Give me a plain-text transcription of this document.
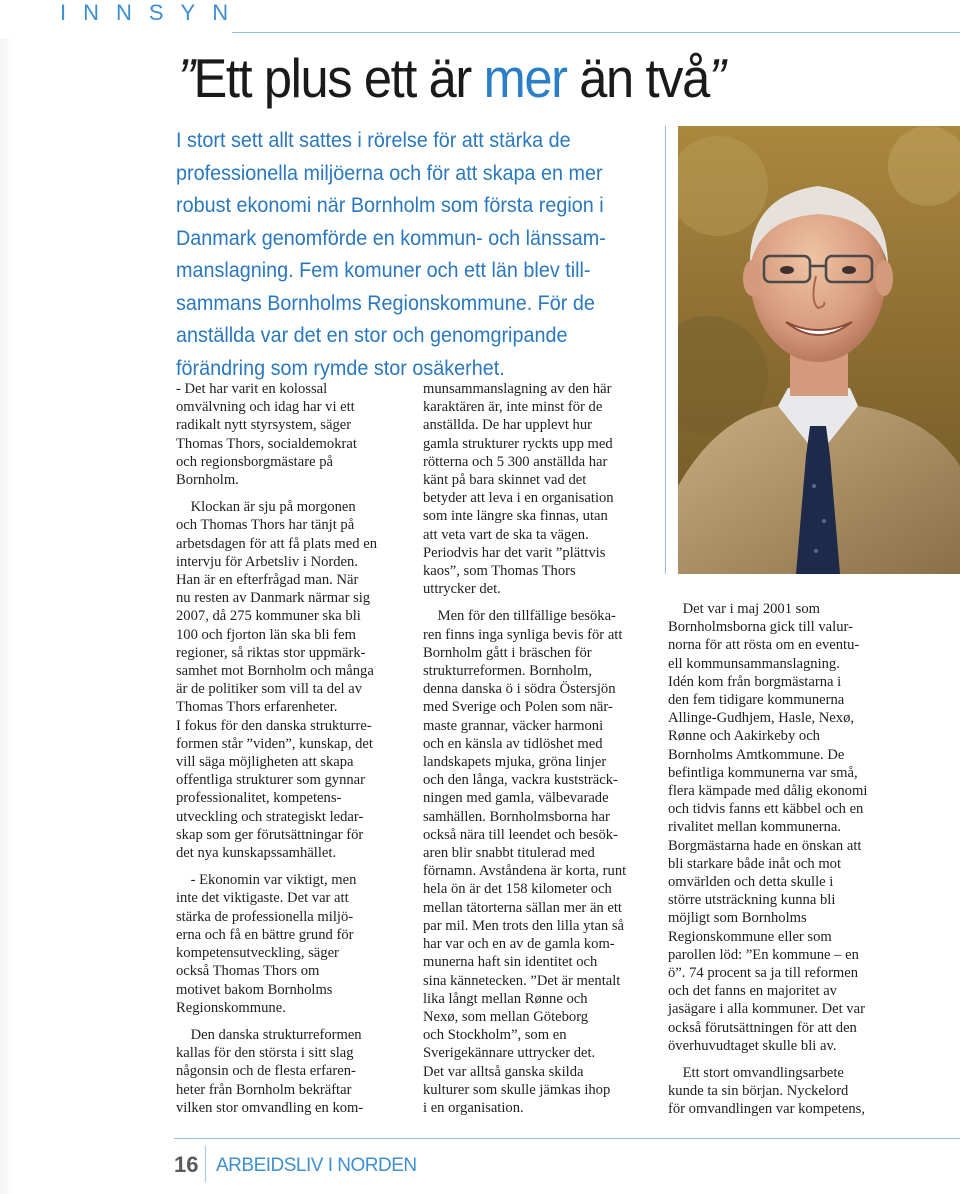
INNSYN
”Ett plus ett är mer än två”
I stort sett allt sattes i rörelse för att stärka de
professionella miljöerna och för att skapa en mer
robust ekonomi när Bornholm som första region i
Danmark genomförde en kommun- och länssam-
manslagning. Fem komuner och ett län blev till-
sammans Bornholms Regionskommune. För de
anställda var det en stor och genomgripande
förändring som rymde stor osäkerhet.
- Det har varit en kolossal
omvälvning och idag har vi ett
radikalt nytt styrsystem, säger
Thomas Thors, socialdemokrat
och regionsborgmästare på
Bornholm.
 Klockan är sju på morgonen
och Thomas Thors har tänjt på
arbetsdagen för att få plats med en
intervju för Arbetsliv i Norden.
Han är en efterfrågad man. När
nu resten av Danmark närmar sig
2007, då 275 kommuner ska bli
100 och fjorton län ska bli fem
regioner, så riktas stor uppmärk-
samhet mot Bornholm och många
är de politiker som vill ta del av
Thomas Thors erfarenheter.
I fokus för den danska strukturre-
formen står ”viden”, kunskap, det
vill säga möjligheten att skapa
offentliga strukturer som gynnar
professionalitet, kompetens-
utveckling och strategiskt ledar-
skap som ger förutsättningar för
det nya kunskapssamhället.
 - Ekonomin var viktigt, men
inte det viktigaste. Det var att
stärka de professionella miljö-
erna och få en bättre grund för
kompetensutveckling, säger
också Thomas Thors om
motivet bakom Bornholms
Regionskommune.
 Den danska strukturreformen
kallas för den största i sitt slag
någonsin och de flesta erfaren-
heter från Bornholm bekräftar
vilken stor omvandling en kom-
munsammanslagning av den här
karaktären är, inte minst för de
anställda. De har upplevt hur
gamla strukturer ryckts upp med
rötterna och 5 300 anställda har
känt på bara skinnet vad det
betyder att leva i en organisation
som inte längre ska finnas, utan
att veta vart de ska ta vägen.
Periodvis har det varit ”plättvis
kaos”, som Thomas Thors
uttrycker det.
 Men för den tillfällige besöka-
ren finns inga synliga bevis för att
Bornholm gått i bräschen för
strukturreformen. Bornholm,
denna danska ö i södra Östersjön
med Sverige och Polen som när-
maste grannar, väcker harmoni
och en känsla av tidlöshet med
landskapets mjuka, gröna linjer
och den långa, vackra kuststräck-
ningen med gamla, välbevarade
samhällen. Bornholmsborna har
också nära till leendet och besök-
aren blir snabbt titulerad med
förnamn. Avståndena är korta, runt
hela ön är det 158 kilometer och
mellan tätorterna sällan mer än ett
par mil. Men trots den lilla ytan så
har var och en av de gamla kom-
munerna haft sin identitet och
sina kännetecken. ”Det är mentalt
lika långt mellan Rønne och
Nexø, som mellan Göteborg
och Stockholm”, som en
Sverigekännare uttrycker det.
Det var alltså ganska skilda
kulturer som skulle jämkas ihop
i en organisation.
 Det var i maj 2001 som
Bornholmsborna gick till valur-
norna för att rösta om en eventu-
ell kommunsammanslagning.
Idén kom från borgmästarna i
den fem tidigare kommunerna
Allinge-Gudhjem, Hasle, Nexø,
Rønne och Aakirkeby och
Bornholms Amtkommune. De
befintliga kommunerna var små,
flera kämpade med dålig ekonomi
och tidvis fanns ett käbbel och en
rivalitet mellan kommunerna.
Borgmästarna hade en önskan att
bli starkare både inåt och mot
omvärlden och detta skulle i
större utsträckning kunna bli
möjligt som Bornholms
Regionskommune eller som
parollen löd: ”En kommune – en
ö”. 74 procent sa ja till reformen
och det fanns en majoritet av
jasägare i alla kommuner. Det var
också förutsättningen för att den
överhuvudtaget skulle bli av.
 Ett stort omvandlingsarbete
kunde ta sin början. Nyckelord
för omvandlingen var kompetens,
16 ARBEIDSLIV I NORDEN
